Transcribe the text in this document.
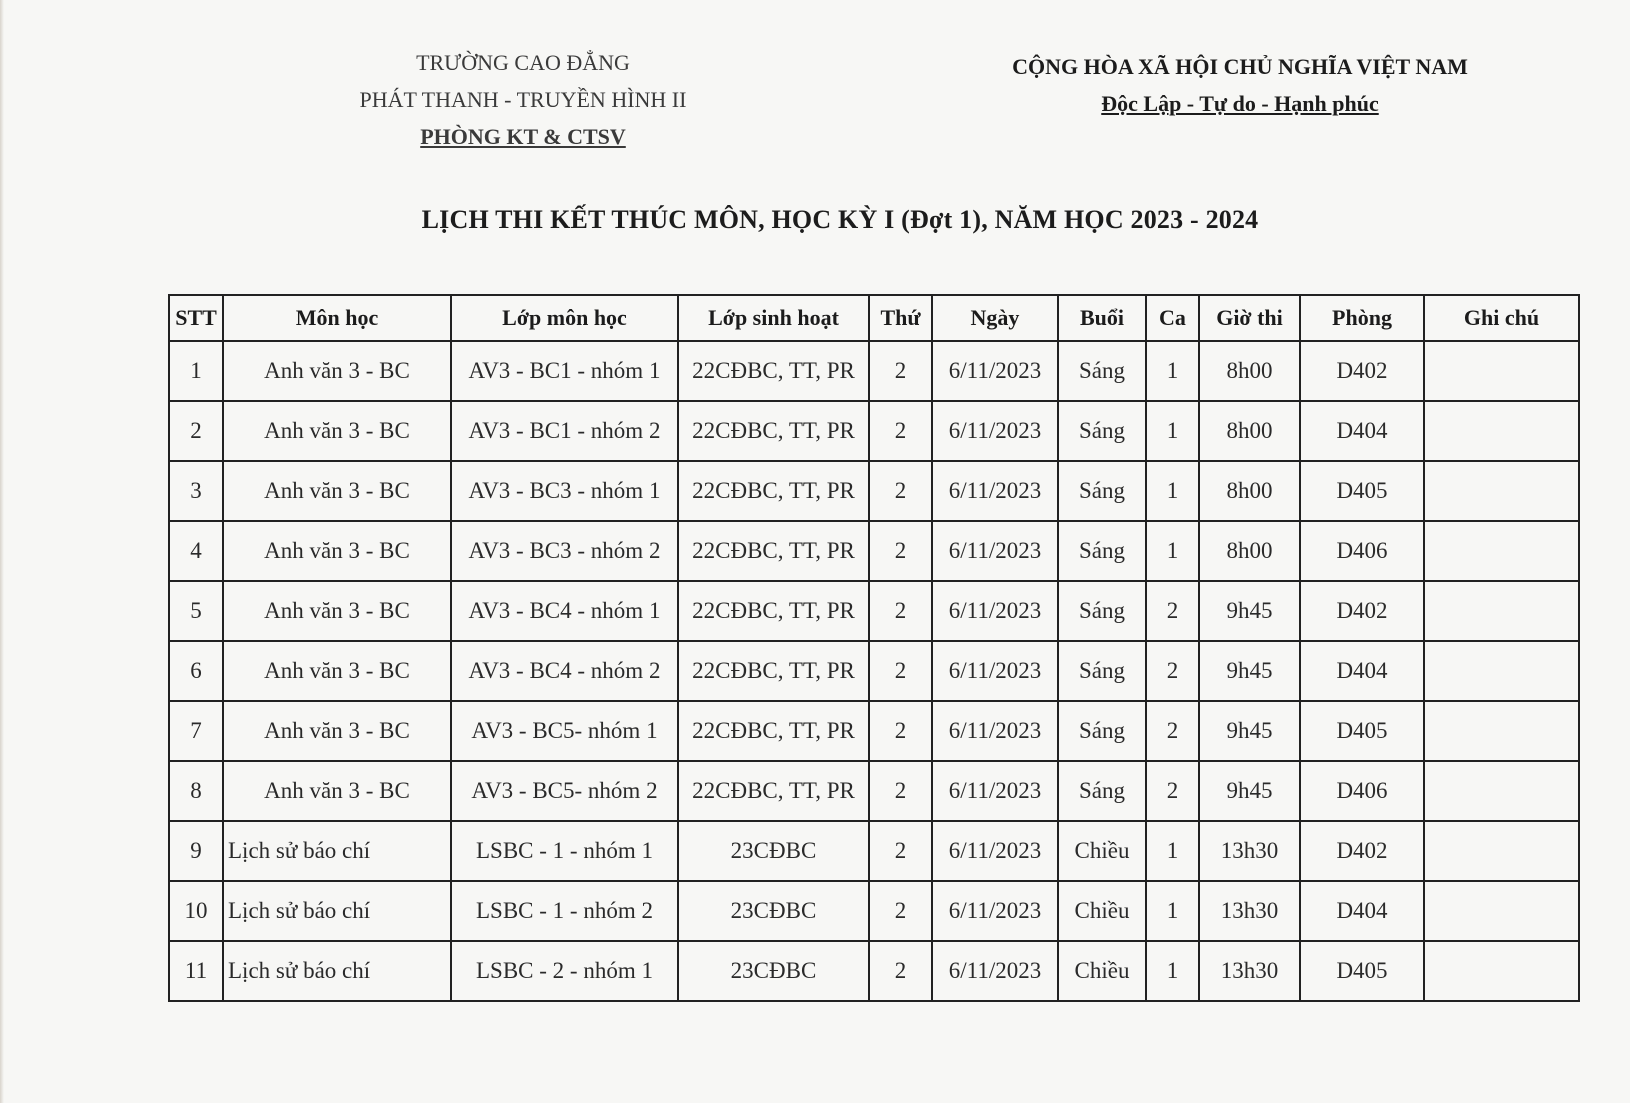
TRƯỜNG CAO ĐẲNG
PHÁT THANH - TRUYỀN HÌNH II
PHÒNG KT & CTSV
CỘNG HÒA XÃ HỘI CHỦ NGHĨA VIỆT NAM
Độc Lập - Tự do - Hạnh phúc
LỊCH THI KẾT THÚC MÔN, HỌC KỲ I (Đợt 1), NĂM HỌC 2023 - 2024
STT	Môn học	Lớp môn học	Lớp sinh hoạt	Thứ	Ngày	Buổi	Ca	Giờ thi	Phòng	Ghi chú
1	Anh văn 3 - BC	AV3 - BC1 - nhóm 1	22CĐBC, TT, PR	2	6/11/2023	Sáng	1	8h00	D402	
2	Anh văn 3 - BC	AV3 - BC1 - nhóm 2	22CĐBC, TT, PR	2	6/11/2023	Sáng	1	8h00	D404	
3	Anh văn 3 - BC	AV3 - BC3 - nhóm 1	22CĐBC, TT, PR	2	6/11/2023	Sáng	1	8h00	D405	
4	Anh văn 3 - BC	AV3 - BC3 - nhóm 2	22CĐBC, TT, PR	2	6/11/2023	Sáng	1	8h00	D406	
5	Anh văn 3 - BC	AV3 - BC4 - nhóm 1	22CĐBC, TT, PR	2	6/11/2023	Sáng	2	9h45	D402	
6	Anh văn 3 - BC	AV3 - BC4 - nhóm 2	22CĐBC, TT, PR	2	6/11/2023	Sáng	2	9h45	D404	
7	Anh văn 3 - BC	AV3 - BC5- nhóm 1	22CĐBC, TT, PR	2	6/11/2023	Sáng	2	9h45	D405	
8	Anh văn 3 - BC	AV3 - BC5- nhóm 2	22CĐBC, TT, PR	2	6/11/2023	Sáng	2	9h45	D406	
9	Lịch sử báo chí	LSBC - 1 - nhóm 1	23CĐBC	2	6/11/2023	Chiều	1	13h30	D402	
10	Lịch sử báo chí	LSBC - 1 - nhóm 2	23CĐBC	2	6/11/2023	Chiều	1	13h30	D404	
11	Lịch sử báo chí	LSBC - 2 - nhóm 1	23CĐBC	2	6/11/2023	Chiều	1	13h30	D405	
